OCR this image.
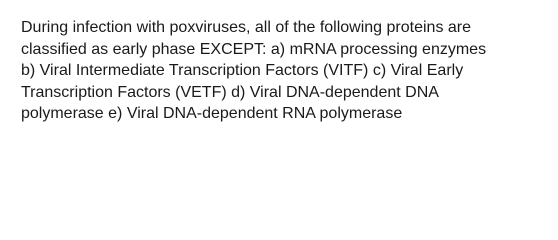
During infection with poxviruses, all of the following proteins are
classified as early phase EXCEPT: a) mRNA processing enzymes
b) Viral Intermediate Transcription Factors (VITF) c) Viral Early
Transcription Factors (VETF) d) Viral DNA-dependent DNA
polymerase e) Viral DNA-dependent RNA polymerase
